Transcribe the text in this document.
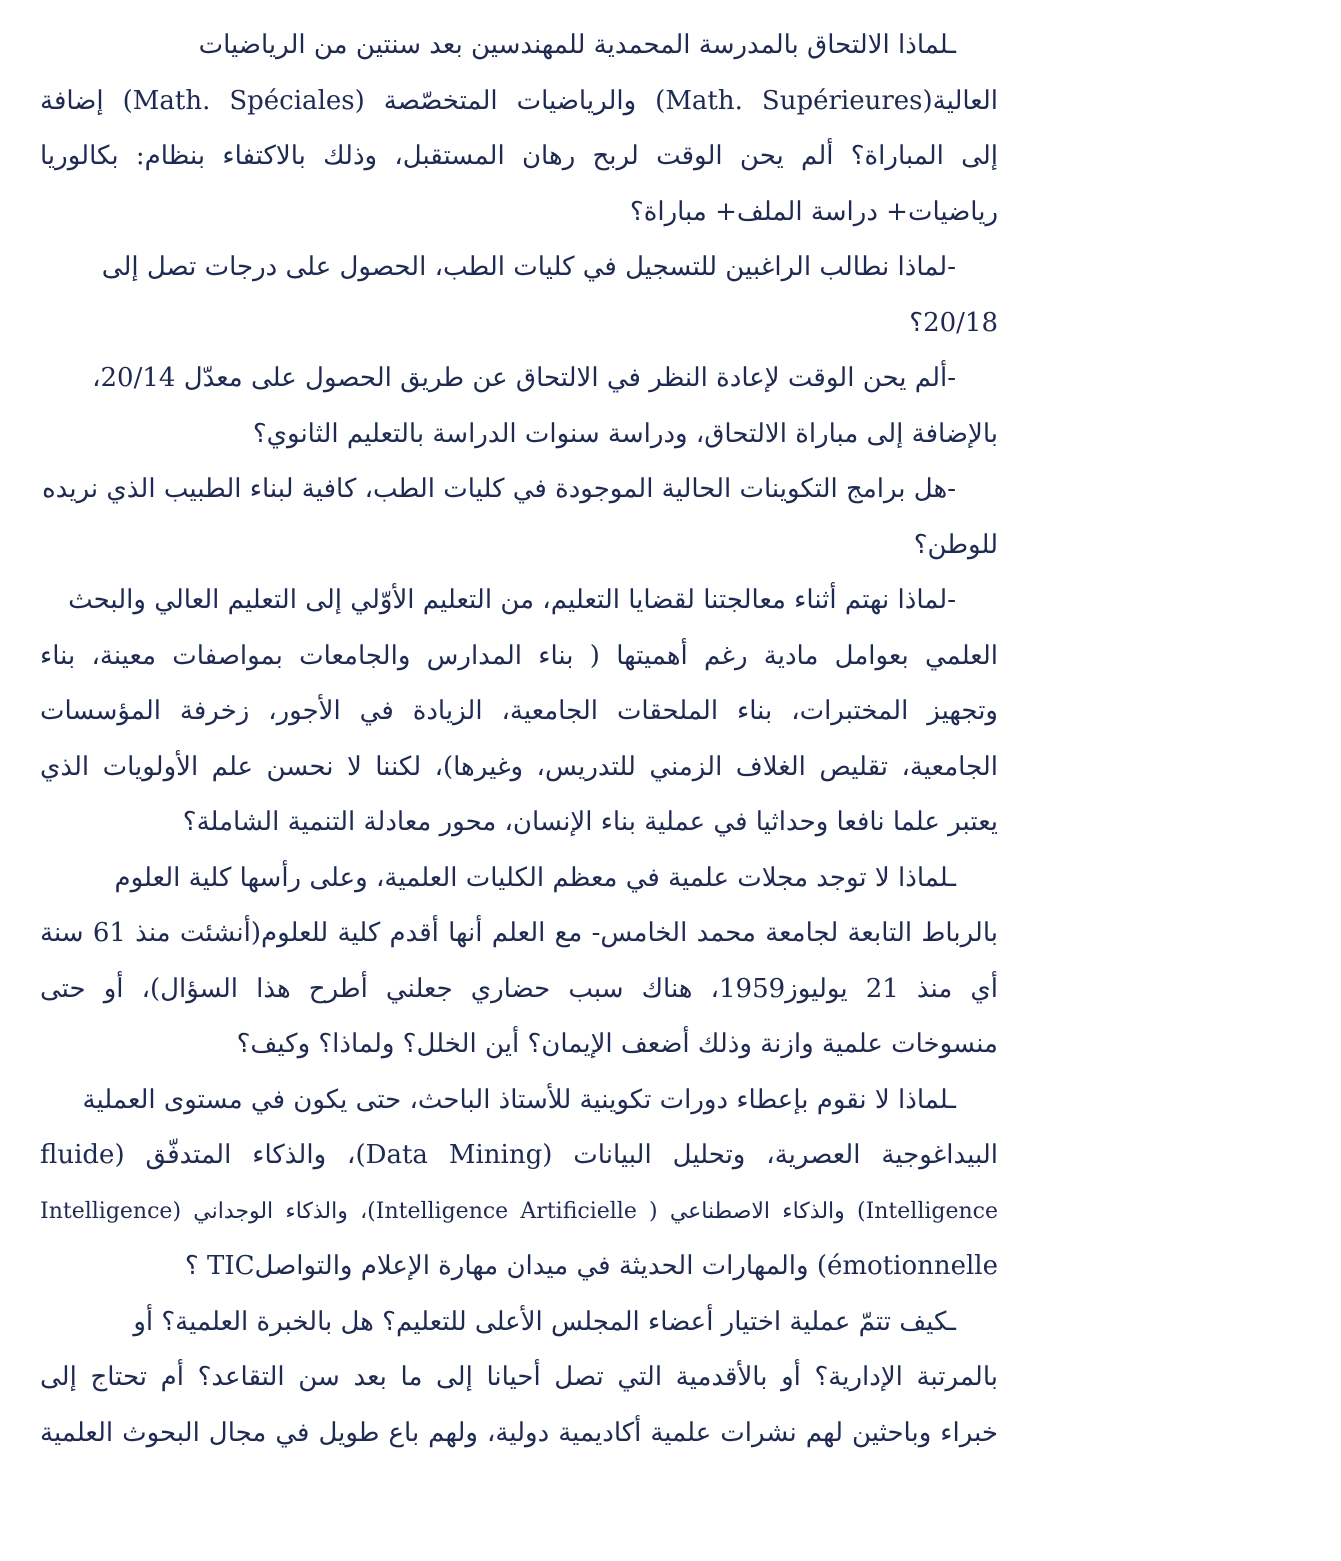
ـلماذا الالتحاق بالمدرسة المحمدية للمهندسين بعد سنتين من الرياضيات
العالية(Math. Supérieures) والرياضيات المتخصّصة (Math. Spéciales) إضافة
إلى المباراة؟ ألم يحن الوقت لربح رهان المستقبل، وذلك بالاكتفاء بنظام: بكالوريا
رياضيات+ دراسة الملف+ مباراة؟
-لماذا نطالب الراغبين للتسجيل في كليات الطب، الحصول على درجات تصل إلى
20/18؟
-ألم يحن الوقت لإعادة النظر في الالتحاق عن طريق الحصول على معدّل 20/14،
بالإضافة إلى مباراة الالتحاق، ودراسة سنوات الدراسة بالتعليم الثانوي؟
-هل برامج التكوينات الحالية الموجودة في كليات الطب، كافية لبناء الطبيب الذي نريده
للوطن؟
-لماذا نهتم أثناء معالجتنا لقضايا التعليم، من التعليم الأوّلي إلى التعليم العالي والبحث
العلمي بعوامل مادية رغم أهميتها ( بناء المدارس والجامعات بمواصفات معينة، بناء
وتجهيز المختبرات، بناء الملحقات الجامعية، الزيادة في الأجور، زخرفة المؤسسات
الجامعية، تقليص الغلاف الزمني للتدريس، وغيرها)، لكننا لا نحسن علم الأولويات الذي
يعتبر علما نافعا وحداثيا في عملية بناء الإنسان، محور معادلة التنمية الشاملة؟
ـلماذا لا توجد مجلات علمية في معظم الكليات العلمية، وعلى رأسها كلية العلوم
بالرباط التابعة لجامعة محمد الخامس- مع العلم أنها أقدم كلية للعلوم(أنشئت منذ 61 سنة
أي منذ 21 يوليوز1959، هناك سبب حضاري جعلني أطرح هذا السؤال)، أو حتى
منسوخات علمية وازنة وذلك أضعف الإيمان؟ أين الخلل؟ ولماذا؟ وكيف؟
ـلماذا لا نقوم بإعطاء دورات تكوينية للأستاذ الباحث، حتى يكون في مستوى العملية
البيداغوجية العصرية، وتحليل البيانات (Data Mining)، والذكاء المتدفّق (fluide
Intelligence) والذكاء الاصطناعي ( Intelligence Artificielle)، والذكاء الوجداني (Intelligence
émotionnelle) والمهارات الحديثة في ميدان مهارة الإعلام والتواصلTIC ؟
ـكيف تتمّ عملية اختيار أعضاء المجلس الأعلى للتعليم؟ هل بالخبرة العلمية؟ أو
بالمرتبة الإدارية؟ أو بالأقدمية التي تصل أحيانا إلى ما بعد سن التقاعد؟ أم تحتاج إلى
خبراء وباحثين لهم نشرات علمية أكاديمية دولية، ولهم باع طويل في مجال البحوث العلمية
